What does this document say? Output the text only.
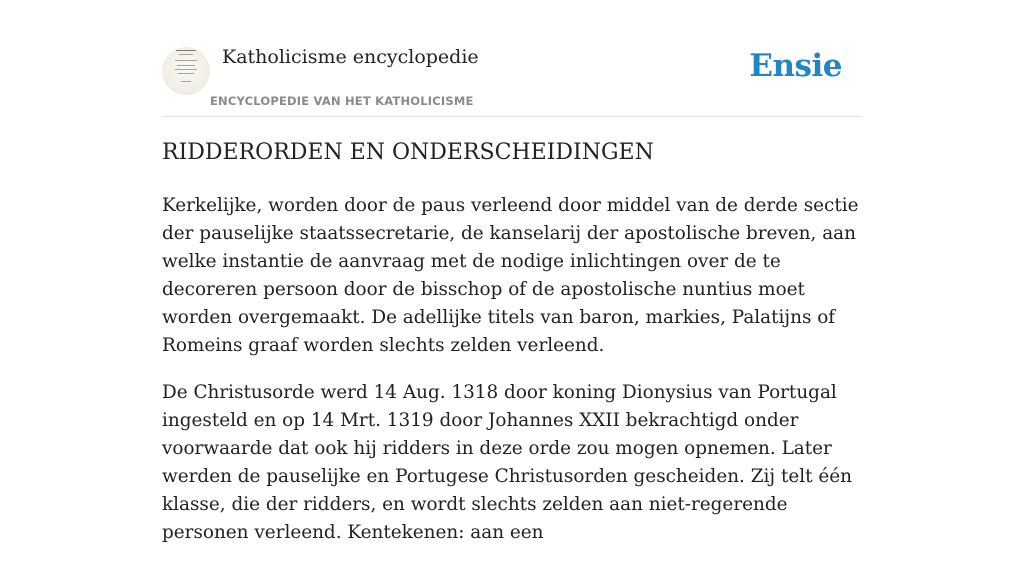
Katholicisme encyclopedie
ENCYCLOPEDIE VAN HET KATHOLICISME
Ensie
RIDDERORDEN EN ONDERSCHEIDINGEN

Kerkelijke, worden door de paus verleend door middel van de derde sectie der pauselijke staatssecretarie, de kanselarij der apostolische breven, aan welke instantie de aanvraag met de nodige inlichtingen over de te decoreren persoon door de bisschop of de apostolische nuntius moet worden overgemaakt. De adellijke titels van baron, markies, Palatijns of Romeins graaf worden slechts zelden verleend.

De Christusorde werd 14 Aug. 1318 door koning Dionysius van Portugal ingesteld en op 14 Mrt. 1319 door Johannes XXII bekrachtigd onder voorwaarde dat ook hij ridders in deze orde zou mogen opnemen. Later werden de pauselijke en Portugese Christusorden gescheiden. Zij telt één klasse, die der ridders, en wordt slechts zelden aan niet-regerende personen verleend. Kentekenen: aan een
